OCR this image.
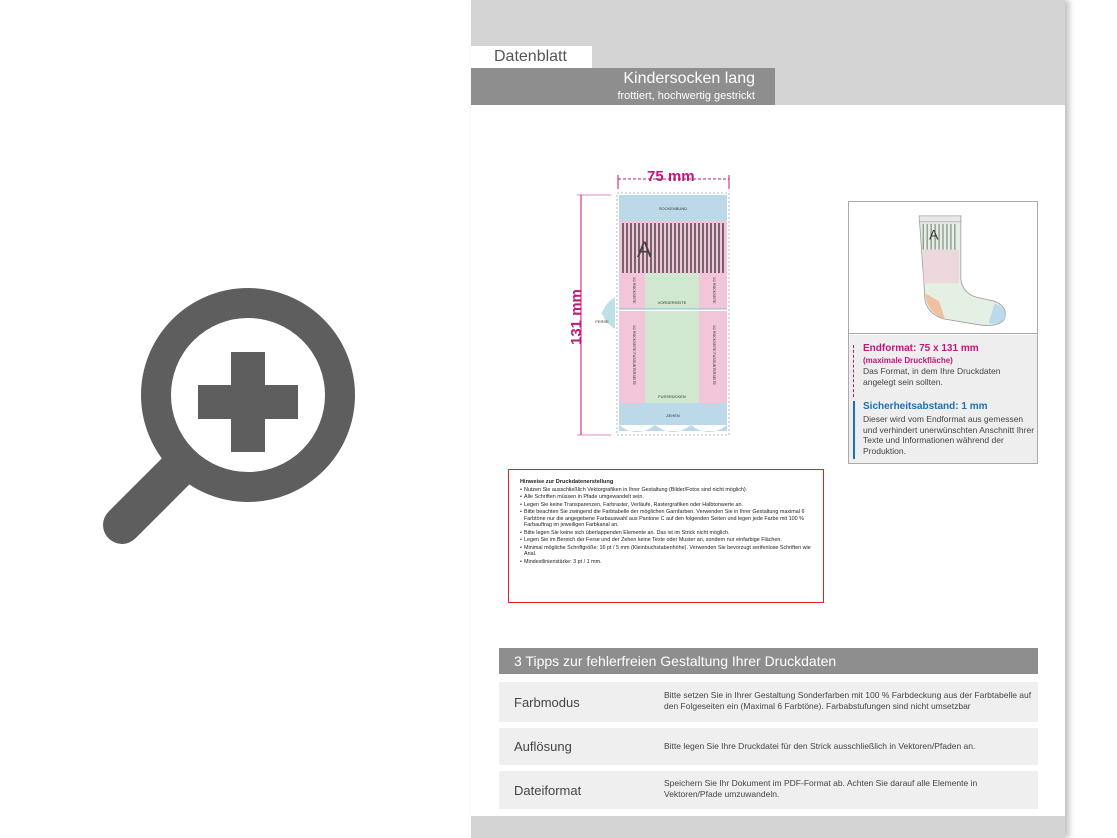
Datenblatt
Kindersocken lang
frottiert, hochwertig gestrickt
75 mm
A
SOCKENBUND
VORDERSEITE
FERSE
FUSSRÜCKEN
ZEHEN
1/2 RÜCKSEITE	1/2 RÜCKSEITE
1/2 RÜCKSEITE FUSSUNTERSEITE	1/2 RÜCKSEITE FUSSUNTERSEITE
131 mm
A
Endformat: 75 x 131 mm
(maximale Druckfläche)
Das Format, in dem Ihre Druckdaten angelegt sein sollten.
Sicherheitsabstand: 1 mm
Dieser wird vom Endformat aus gemessen und verhindert unerwünschten Anschnitt Ihrer Texte und Informationen während der Produktion.
Hinweise zur Druckdatenerstellung
• Nutzen Sie ausschließlich Vektorgrafiken in Ihrer Gestaltung (Bilder/Fotos sind nicht möglich).
• Alle Schriften müssen in Pfade umgewandelt sein.
• Legen Sie keine Transparenzen, Farbraster, Verläufe, Rastergrafiken oder Halbtonwerte an.
• Bitte beachten Sie zwingend die Farbtabelle der möglichen Garnfarben. Verwenden Sie in Ihrer Gestaltung maximal 6 Farbtöne nur die angegebene Farbauswahl aus Pantone C auf den folgenden Seiten und legen jede Farbe mit 100 % Farbauftrag im jeweiligen Farbkanal an.
• Bitte legen Sie keine sich überlappenden Elemente an. Das ist im Strick nicht möglich.
• Legen Sie im Bereich der Ferse und der Zehen keine Texte oder Muster an, sondern nur einfarbige Flächen.
• Minimal mögliche Schriftgröße: 16 pt / 5 mm (Kleinbuchstabenhöhe). Verwenden Sie bevorzugt serifenlose Schriften wie Arial.
• Mindestlinienstärke: 3 pt / 1 mm.
3 Tipps zur fehlerfreien Gestaltung Ihrer Druckdaten
Farbmodus	Bitte setzen Sie in Ihrer Gestaltung Sonderfarben mit 100 % Farbdeckung aus der Farbtabelle auf den Folgeseiten ein (Maximal 6 Farbtöne). Farbabstufungen sind nicht umsetzbar
Auflösung	Bitte legen Sie Ihre Druckdatei für den Strick ausschließlich in Vektoren/Pfaden an.
Dateiformat	Speichern Sie Ihr Dokument im PDF-Format ab. Achten Sie darauf alle Elemente in Vektoren/Pfade umzuwandeln.
